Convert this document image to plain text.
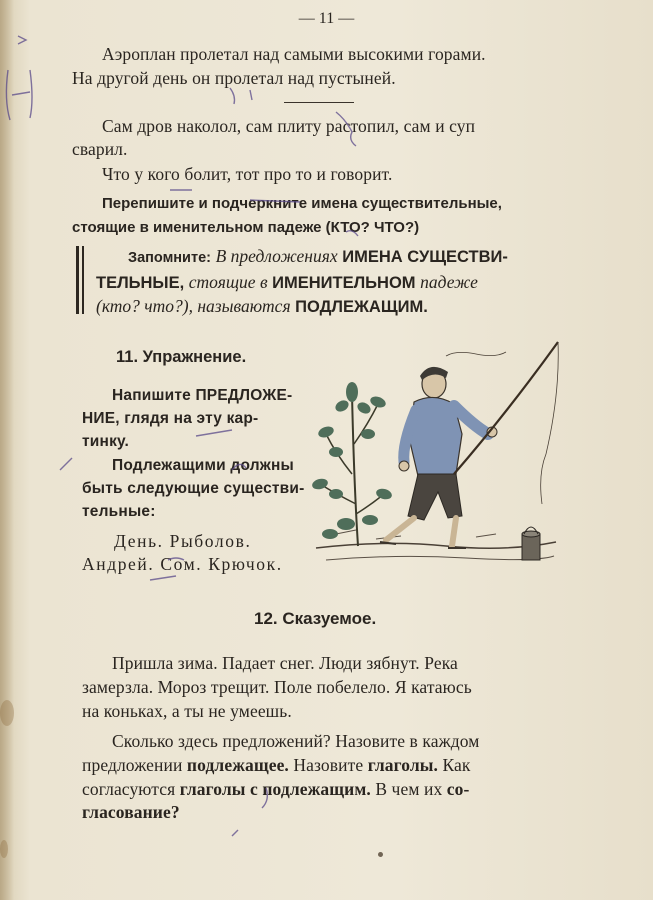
— 11 —
Аэроплан пролетал над самыми высокими горами.
На другой день он пролетал над пустыней.
Сам дров наколол, сам плиту растопил, сам и суп
сварил.
Что у кого болит, тот про то и говорит.
Перепишите и подчеркните имена существительные,
стоящие в именительном падеже (КТО? ЧТО?)
Запомните: В предложениях ИМЕНА СУЩЕСТВИ-
ТЕЛЬНЫЕ, стоящие в ИМЕНИТЕЛЬНОМ падеже
(кто? что?), называются ПОДЛЕЖАЩИМ.
11. Упражнение.
Напишите ПРЕДЛОЖЕ-
НИЕ, глядя на эту кар-
тинку.
Подлежащими должны
быть следующие существи-
тельные:
День. Рыболов.
Андрей. Сом. Крючок.
12. Сказуемое.
Пришла зима. Падает снег. Люди зябнут. Река
замерзла. Мороз трещит. Поле побелело. Я катаюсь
на коньках, а ты не умеешь.
Сколько здесь предложений? Назовите в каждом
предложении подлежащее. Назовите глаголы. Как
согласуются глаголы с подлежащим. В чем их со-
гласование?
